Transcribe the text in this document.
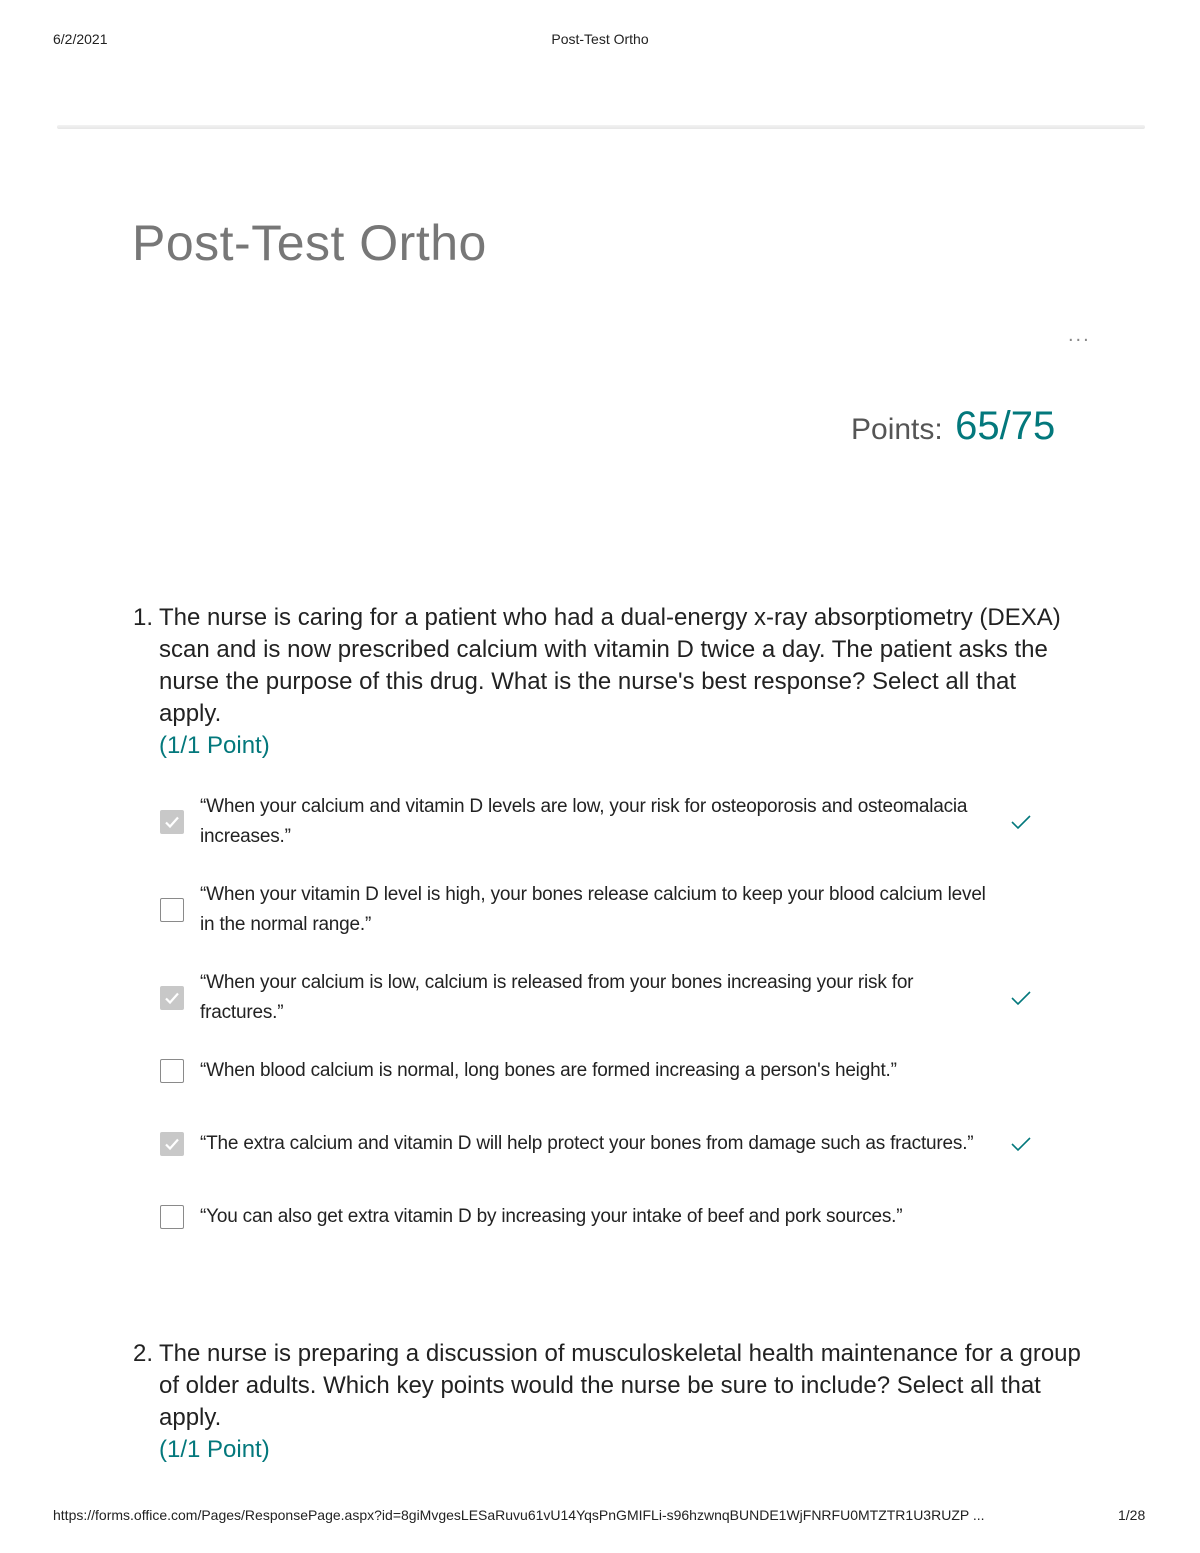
6/2/2021	Post-Test Ortho
Post-Test Ortho
...
Points: 65/75
1. The nurse is caring for a patient who had a dual-energy x-ray absorptiometry (DEXA) scan and is now prescribed calcium with vitamin D twice a day. The patient asks the nurse the purpose of this drug. What is the nurse's best response? Select all that apply.
(1/1 Point)
“When your calcium and vitamin D levels are low, your risk for osteoporosis and osteomalacia increases.”
“When your vitamin D level is high, your bones release calcium to keep your blood calcium level in the normal range.”
“When your calcium is low, calcium is released from your bones increasing your risk for fractures.”
“When blood calcium is normal, long bones are formed increasing a person's height.”
“The extra calcium and vitamin D will help protect your bones from damage such as fractures.”
“You can also get extra vitamin D by increasing your intake of beef and pork sources.”
2. The nurse is preparing a discussion of musculoskeletal health maintenance for a group of older adults. Which key points would the nurse be sure to include? Select all that apply.
(1/1 Point)
https://forms.office.com/Pages/ResponsePage.aspx?id=8giMvgesLESaRuvu61vU14YqsPnGMIFLi-s96hzwnqBUNDE1WjFNRFU0MTZTR1U3RUZP ...	1/28
